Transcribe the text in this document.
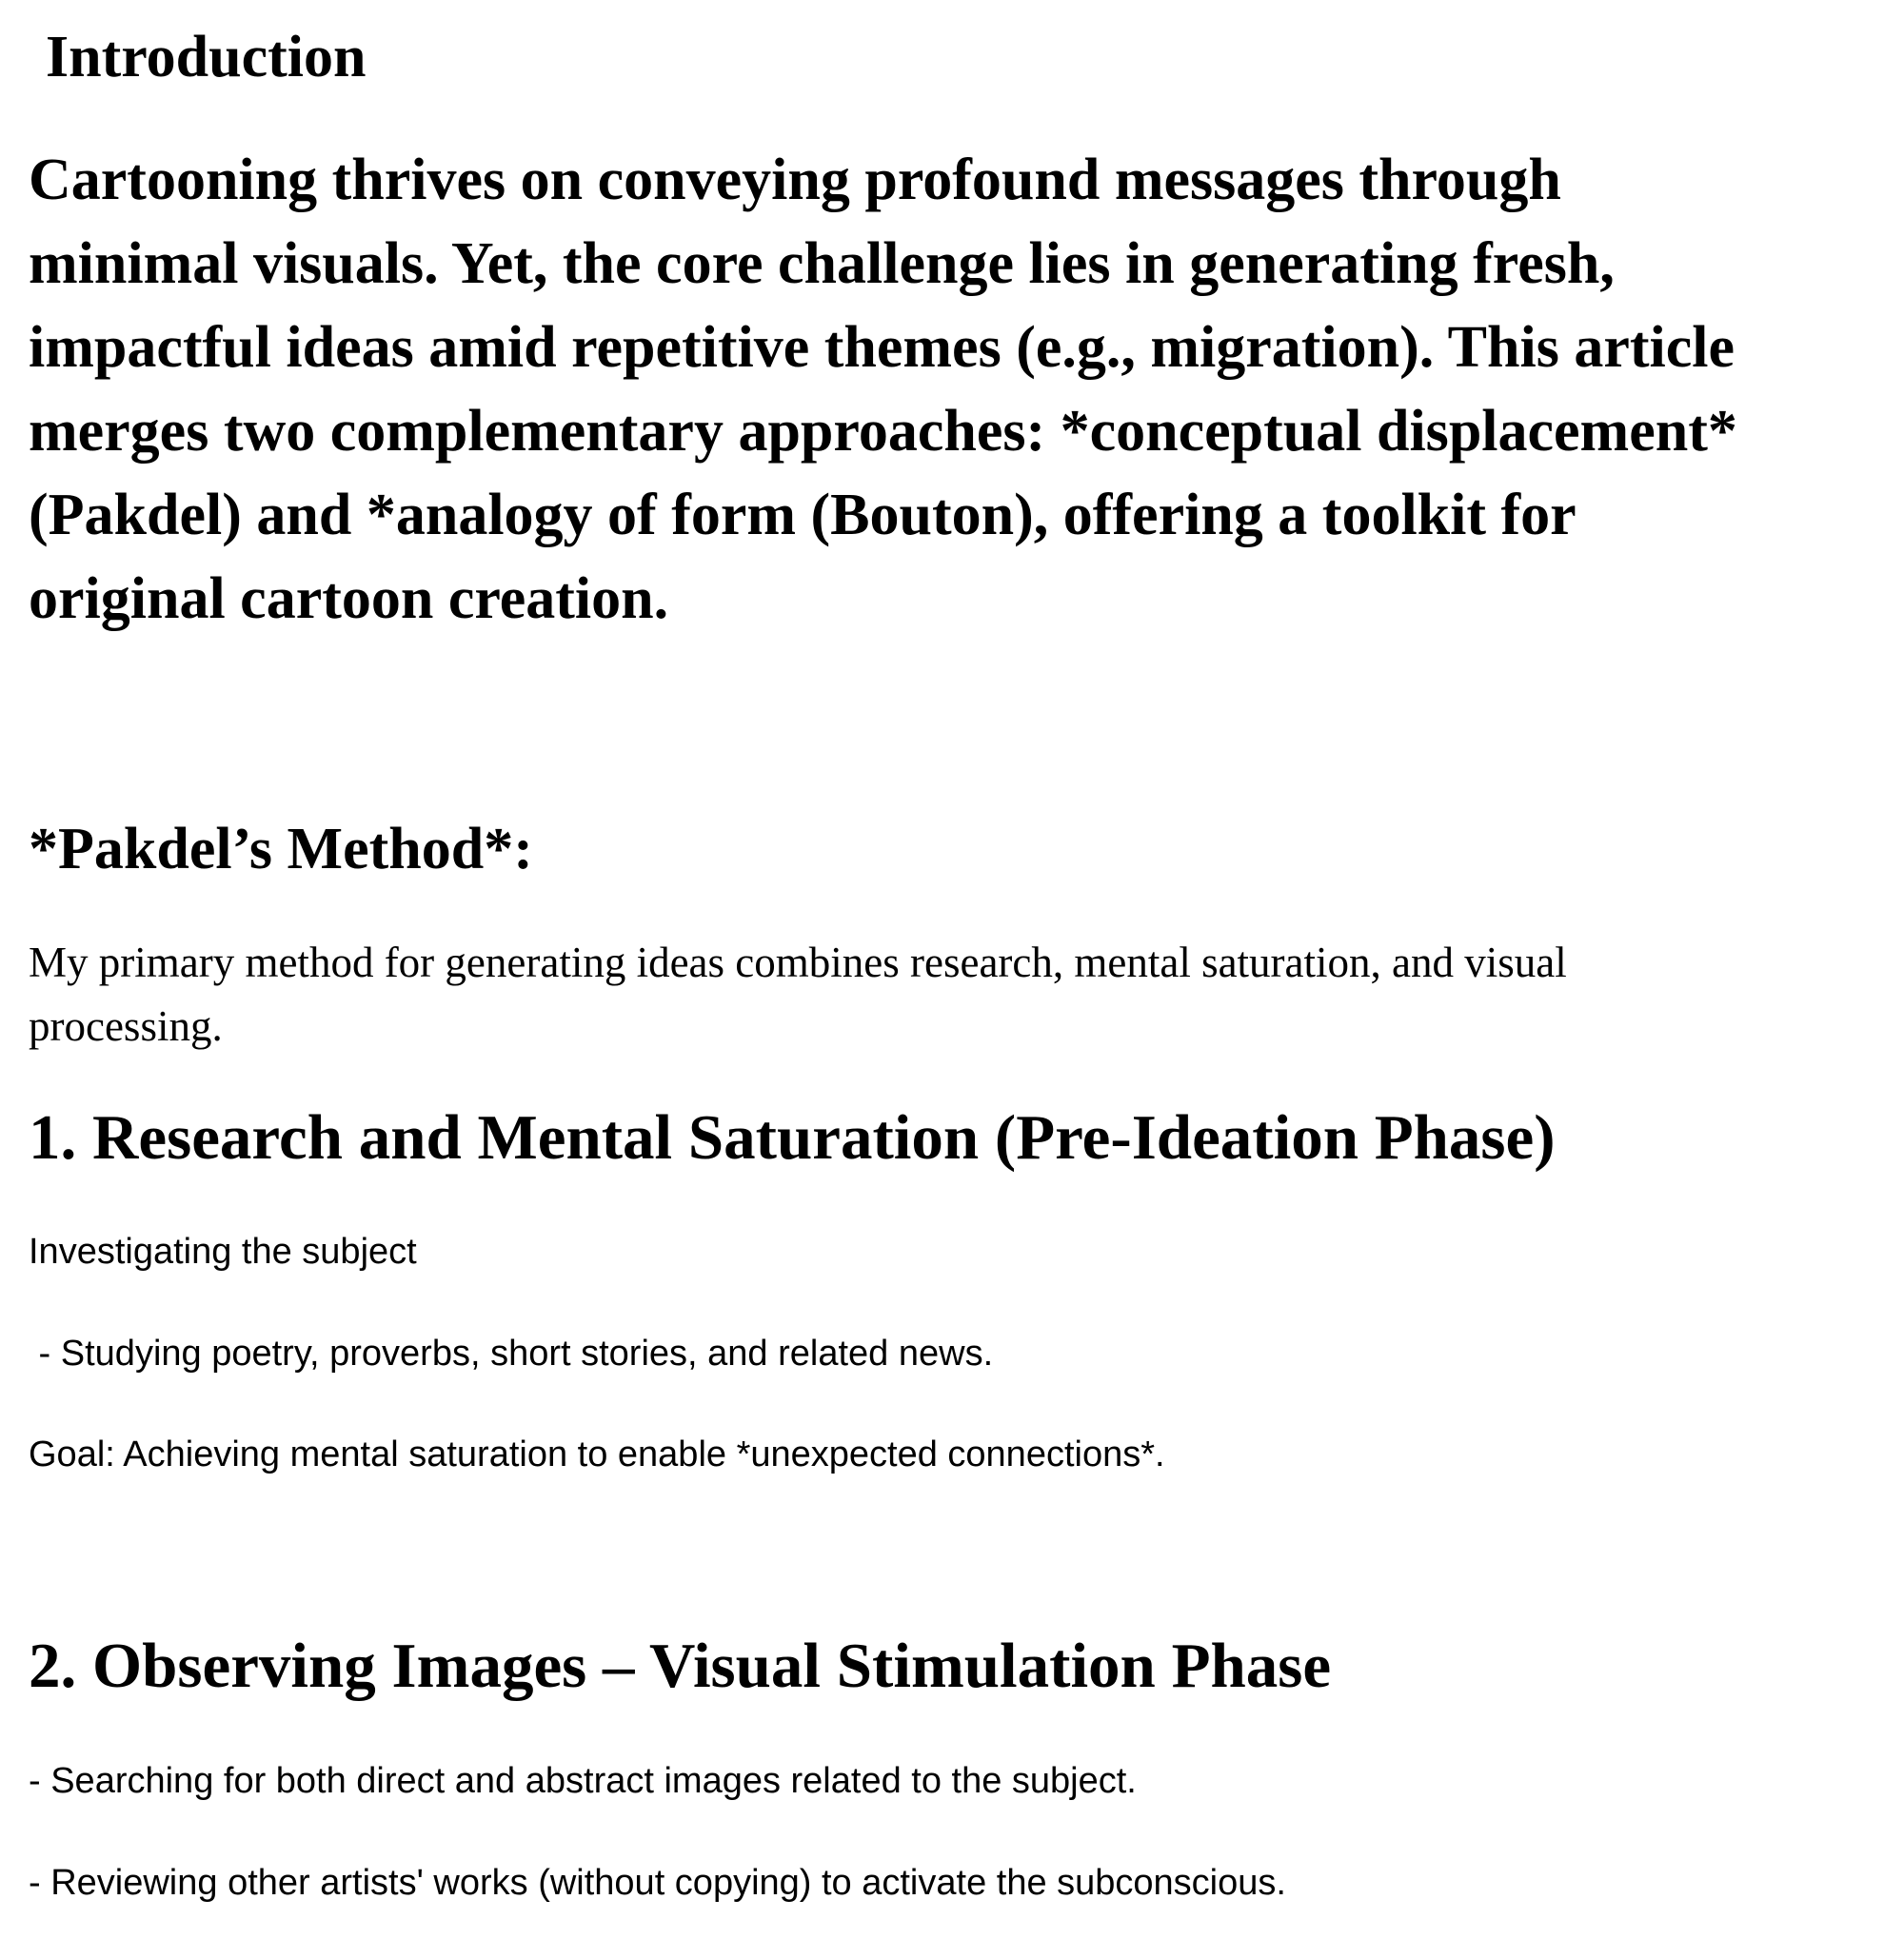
Introduction

Cartooning thrives on conveying profound messages through

minimal visuals. Yet, the core challenge lies in generating fresh,

impactful ideas amid repetitive themes (e.g., migration). This article

merges two complementary approaches: *conceptual displacement*

(Pakdel) and *analogy of form (Bouton), offering a toolkit for

original cartoon creation.

*Pakdel’s Method*:

My primary method for generating ideas combines research, mental saturation, and visual

processing.

1. Research and Mental Saturation (Pre-Ideation Phase)

Investigating the subject

- Studying poetry, proverbs, short stories, and related news.

Goal: Achieving mental saturation to enable *unexpected connections*.

2. Observing Images – Visual Stimulation Phase

- Searching for both direct and abstract images related to the subject.

- Reviewing other artists' works (without copying) to activate the subconscious.
